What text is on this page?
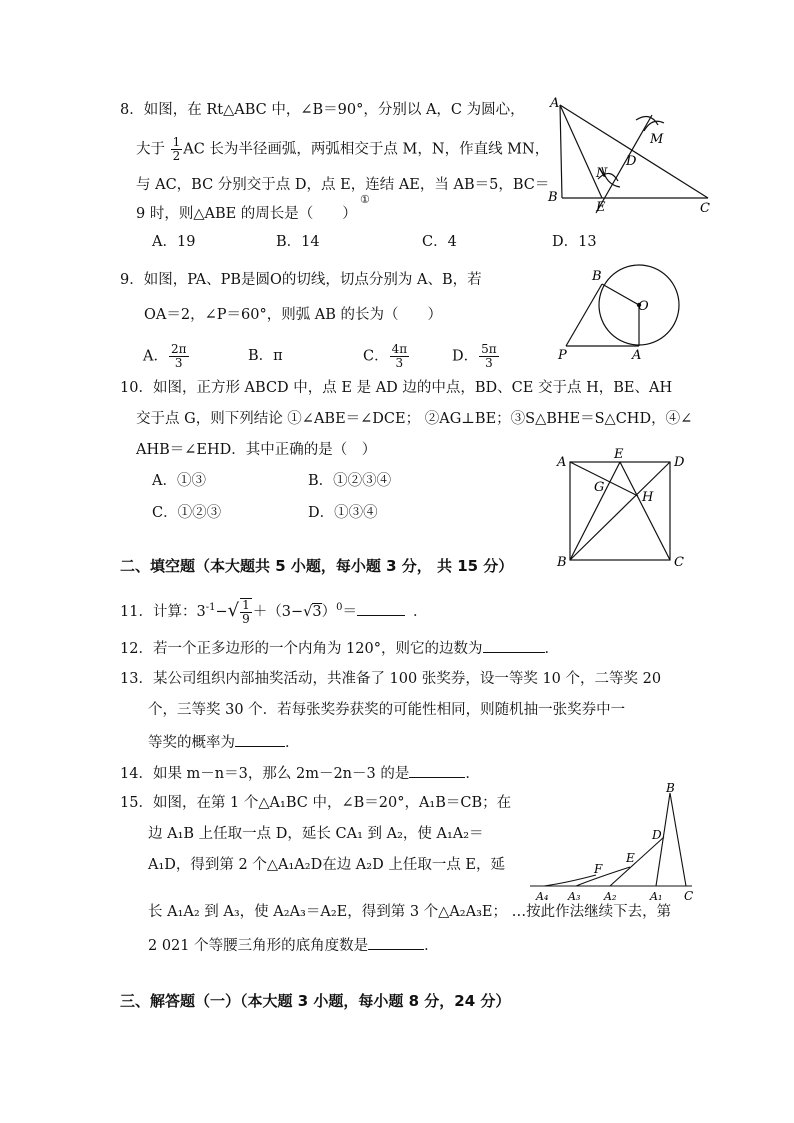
8．如图，在 Rt△ABC 中，∠B＝90°，分别以 A，C 为圆心，
大于 $\frac{1}{2}$ AC 长为半径画弧，两弧相交于点 M，N，作直线 MN，
与 AC，BC 分别交于点 D，点 E，连结 AE，当 AB＝5，BC＝
①
9 时，则△ABE 的周长是（　　）
A．19	B．14	C．4	D．13
A
B
C
D
E
M
N
9．如图，PA、PB是圆O的切线，切点分别为 A、B，若
OA＝2，∠P＝60°，则弧 AB 的长为（　　）
A． $\frac{2\pi}{3}$	B．π	C． $\frac{4\pi}{3}$	D． $\frac{5\pi}{3}$
B
O
P	A
10．如图，正方形 ABCD 中，点 E 是 AD 边的中点，BD、CE 交于点 H，BE、AH
交于点 G，则下列结论 ①∠ABE＝∠DCE； ②AG⊥BE；③S△BHE＝S△CHD，④∠
AHB＝∠EHD．其中正确的是（　）
A．①③	B．①②③④
C．①②③	D．①③④
A
E
D
G
H
B	C
二、填空题（本大题共 5 小题，每小题 3 分， 共 15 分）
11．计算：$3^{-1}-√ \frac{1}{9} +(3-√3)^0=$	．
12．若一个正多边形的一个内角为 120°，则它的边数为	．
13．某公司组织内部抽奖活动，共准备了 100 张奖券，设一等奖 10 个，二等奖 20
个，三等奖 30 个．若每张奖券获奖的可能性相同，则随机抽一张奖券中一
等奖的概率为	．
14．如果 m－n＝3，那么 2m－2n－3 的是	．
15．如图，在第 1 个△A₁BC 中，∠B＝20°，A₁B＝CB；在
边 A₁B 上任取一点 D，延长 CA₁ 到 A₂，使 A₁A₂＝
A₁D，得到第 2 个△A₁A₂D在边 A₂D 上任取一点 E，延
长 A₁A₂ 到 A₃，使 A₂A₃＝A₂E，得到第 3 个△A₂A₃E； …按此作法继续下去，第
2 021 个等腰三角形的底角度数是	．
B
D
E
F
A₄ A₃ A₂	A₁ C
三、解答题（一）（本大题 3 小题，每小题 8 分，24 分）
